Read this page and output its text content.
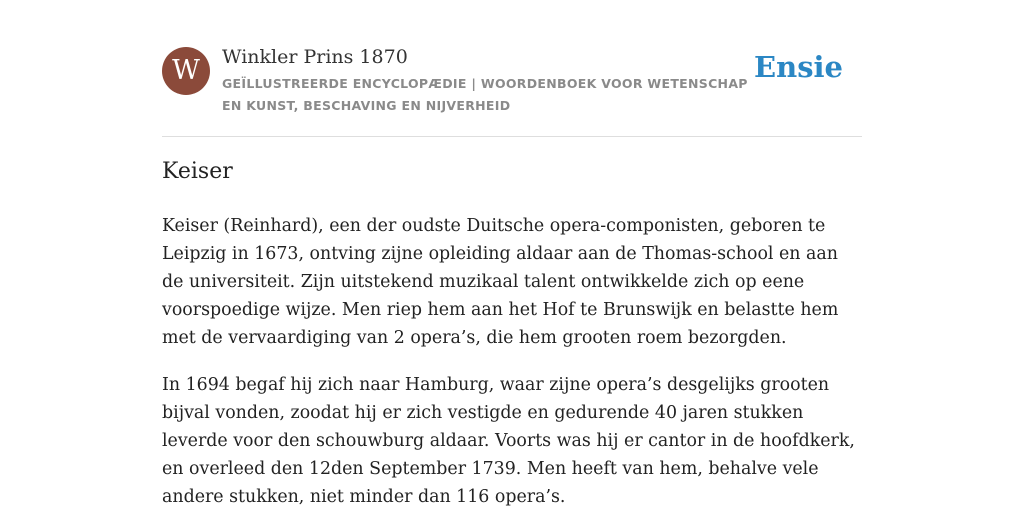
W	Winkler Prins 1870
GEÏLLUSTREERDE ENCYCLOPÆDIE | WOORDENBOEK VOOR WETENSCHAP EN KUNST, BESCHAVING EN NIJVERHEID
Ensie
Keiser

Keiser (Reinhard), een der oudste Duitsche opera-componisten, geboren te Leipzig in 1673, ontving zijne opleiding aldaar aan de Thomas-school en aan de universiteit. Zijn uitstekend muzikaal talent ontwikkelde zich op eene voorspoedige wijze. Men riep hem aan het Hof te Brunswijk en belastte hem met de vervaardiging van 2 opera’s, die hem grooten roem bezorgden.

In 1694 begaf hij zich naar Hamburg, waar zijne opera’s desgelijks grooten bijval vonden, zoodat hij er zich vestigde en gedurende 40 jaren stukken leverde voor den schouwburg aldaar. Voorts was hij er cantor in de hoofdkerk, en overleed den 12den September 1739. Men heeft van hem, behalve vele andere stukken, niet minder dan 116 opera’s.
